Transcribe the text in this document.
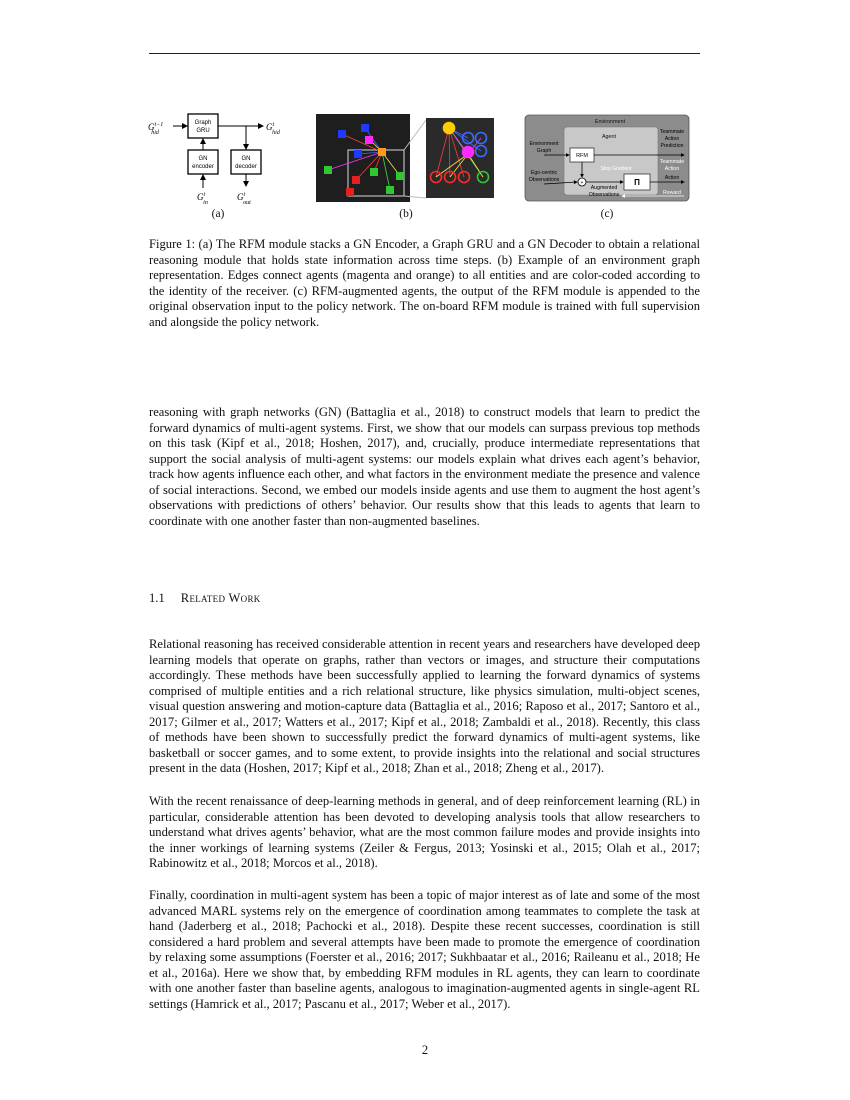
Graph
GRU
GN
encoder
GN
decoder
$G^{t-1}$ hid
$G^t$ hid
$G^t$ in
$G^t$ out
(a)	(b)
Environment
Agent
RFM
Environment
Graph
Stop Gradient
Teammate
Action
Prediction
+
Ego-centric
Observations
Augmented
Observations
Π
Teammate
Action
Action
Reward
(c)

Figure 1: (a) The RFM module stacks a GN Encoder, a Graph GRU and a GN Decoder to obtain a relational reasoning module that holds state information across time steps. (b) Example of an environment graph representation. Edges connect agents (magenta and orange) to all entities and are color-coded according to the identity of the receiver. (c) RFM-augmented agents, the output of the RFM module is appended to the original observation input to the policy network. The on-board RFM module is trained with full supervision and alongside the policy network.

reasoning with graph networks (GN) (Battaglia et al., 2018) to construct models that learn to predict the forward dynamics of multi-agent systems. First, we show that our models can surpass previous top methods on this task (Kipf et al., 2018; Hoshen, 2017), and, crucially, produce intermediate representations that support the social analysis of multi-agent systems: our models explain what drives each agent’s behavior, track how agents influence each other, and what factors in the environment mediate the presence and valence of social interactions. Second, we embed our models inside agents and use them to augment the host agent’s observations with predictions of others’ behavior. Our results show that this leads to agents that learn to coordinate with one another faster than non-augmented baselines.

1.1 Related Work

Relational reasoning has received considerable attention in recent years and researchers have developed deep learning models that operate on graphs, rather than vectors or images, and structure their computations accordingly. These methods have been successfully applied to learning the forward dynamics of systems comprised of multiple entities and a rich relational structure, like physics simulation, multi-object scenes, visual question answering and motion-capture data (Battaglia et al., 2016; Raposo et al., 2017; Santoro et al., 2017; Gilmer et al., 2017; Watters et al., 2017; Kipf et al., 2018; Zambaldi et al., 2018). Recently, this class of methods have been shown to successfully predict the forward dynamics of multi-agent systems, like basketball or soccer games, and to some extent, to provide insights into the relational and social structures present in the data (Hoshen, 2017; Kipf et al., 2018; Zhan et al., 2018; Zheng et al., 2017).

With the recent renaissance of deep-learning methods in general, and of deep reinforcement learning (RL) in particular, considerable attention has been devoted to developing analysis tools that allow researchers to understand what drives agents’ behavior, what are the most common failure modes and provide insights into the inner workings of learning systems (Zeiler & Fergus, 2013; Yosinski et al., 2015; Olah et al., 2017; Rabinowitz et al., 2018; Morcos et al., 2018).

Finally, coordination in multi-agent system has been a topic of major interest as of late and some of the most advanced MARL systems rely on the emergence of coordination among teammates to complete the task at hand (Jaderberg et al., 2018; Pachocki et al., 2018). Despite these recent successes, coordination is still considered a hard problem and several attempts have been made to promote the emergence of coordination by relaxing some assumptions (Foerster et al., 2016; 2017; Sukhbaatar et al., 2016; Raileanu et al., 2018; He et al., 2016a). Here we show that, by embedding RFM modules in RL agents, they can learn to coordinate with one another faster than baseline agents, analogous to imagination-augmented agents in single-agent RL settings (Hamrick et al., 2017; Pascanu et al., 2017; Weber et al., 2017).

2
